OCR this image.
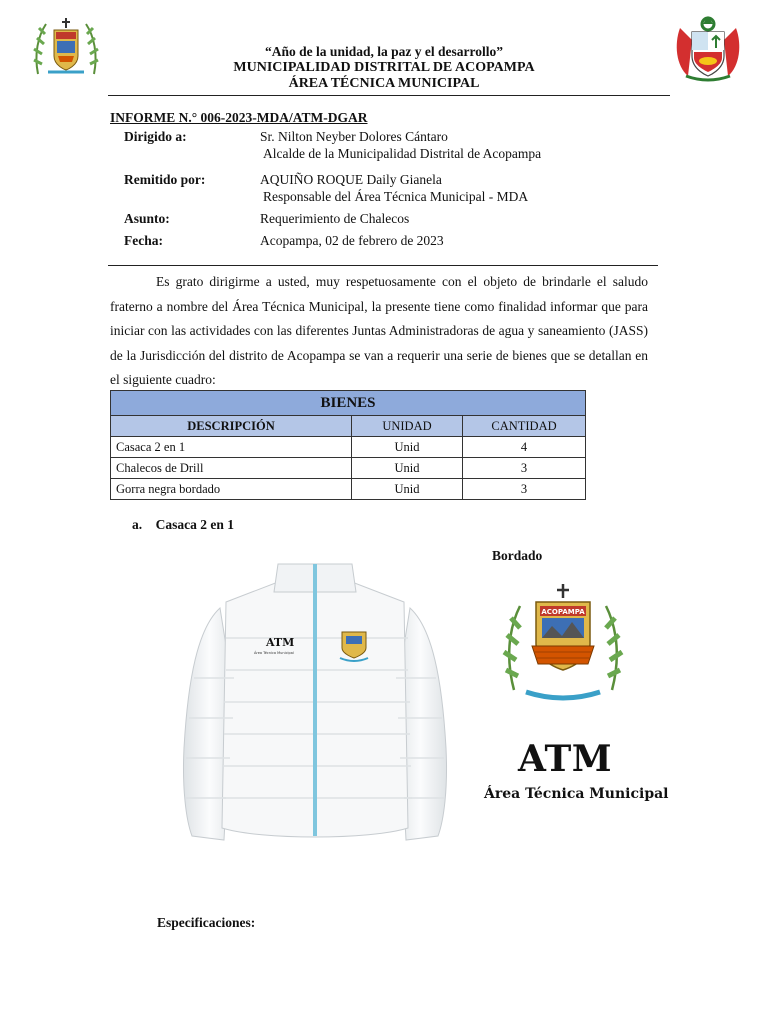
“Año de la unidad, la paz y el desarrollo”
MUNICIPALIDAD DISTRITAL DE ACOPAMPA
ÁREA TÉCNICA MUNICIPAL
INFORME N.° 006-2023-MDA/ATM-DGAR
Dirigido a:	Sr. Nilton Neyber Dolores Cántaro
Alcalde de la Municipalidad Distrital de Acopampa
Remitido por:	AQUIÑO ROQUE Daily Gianela
Responsable del Área Técnica Municipal - MDA
Asunto:	Requerimiento de Chalecos
Fecha:	Acopampa, 02 de febrero de 2023
Es grato dirigirme a usted, muy respetuosamente con el objeto de brindarle el saludo fraterno a nombre del Área Técnica Municipal, la presente tiene como finalidad informar que para iniciar con las actividades con las diferentes Juntas Administradoras de agua y saneamiento (JASS) de la Jurisdicción del distrito de Acopampa se van a requerir una serie de bienes que se detallan en el siguiente cuadro:
BIENES		
DESCRIPCIÓN	UNIDAD	CANTIDAD
Casaca 2 en 1	Unid	4
Chalecos de Drill	Unid	3
Gorra negra bordado	Unid	3
a. Casaca 2 en 1
Bordado
ATM
Área Técnica Municipal
ACOPAMPA
ATM
Área Técnica Municipal
Especificaciones:
